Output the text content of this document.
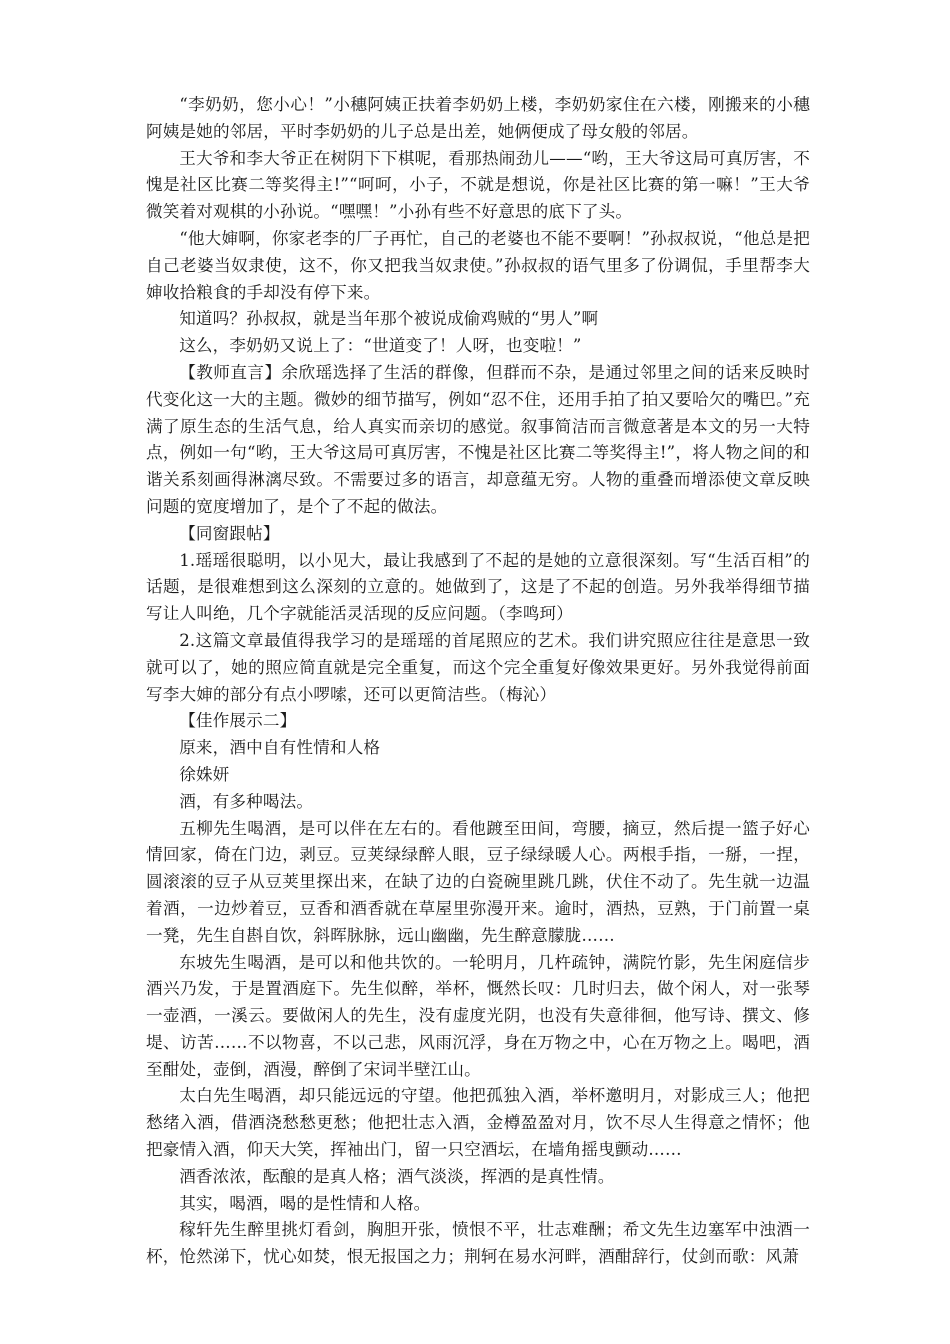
“李奶奶，您小心！”小穗阿姨正扶着李奶奶上楼，李奶奶家住在六楼，刚搬来的小穗阿姨是她的邻居，平时李奶奶的儿子总是出差，她俩便成了母女般的邻居。

王大爷和李大爷正在树阴下下棋呢，看那热闹劲儿——“哟，王大爷这局可真厉害，不愧是社区比赛二等奖得主!”“呵呵，小子，不就是想说，你是社区比赛的第一嘛！”王大爷微笑着对观棋的小孙说。“嘿嘿！”小孙有些不好意思的底下了头。

“他大婶啊，你家老李的厂子再忙，自己的老婆也不能不要啊！”孙叔叔说，“他总是把自己老婆当奴隶使，这不，你又把我当奴隶使。”孙叔叔的语气里多了份调侃，手里帮李大婶收拾粮食的手却没有停下来。

知道吗？孙叔叔，就是当年那个被说成偷鸡贼的“男人”啊

这么，李奶奶又说上了：“世道变了！人呀，也变啦！”

【教师直言】余欣瑶选择了生活的群像，但群而不杂，是通过邻里之间的话来反映时代变化这一大的主题。微妙的细节描写，例如“忍不住，还用手拍了拍又要哈欠的嘴巴。”充满了原生态的生活气息，给人真实而亲切的感觉。叙事简洁而言微意著是本文的另一大特点，例如一句“哟，王大爷这局可真厉害，不愧是社区比赛二等奖得主!”，将人物之间的和谐关系刻画得淋漓尽致。不需要过多的语言，却意蕴无穷。人物的重叠而增添使文章反映问题的宽度增加了，是个了不起的做法。

【同窗跟帖】

1.瑶瑶很聪明，以小见大，最让我感到了不起的是她的立意很深刻。写“生活百相”的话题，是很难想到这么深刻的立意的。她做到了，这是了不起的创造。另外我举得细节描写让人叫绝，几个字就能活灵活现的反应问题。（李鸣珂）

2.这篇文章最值得我学习的是瑶瑶的首尾照应的艺术。我们讲究照应往往是意思一致就可以了，她的照应简直就是完全重复，而这个完全重复好像效果更好。另外我觉得前面写李大婶的部分有点小啰嗦，还可以更简洁些。（梅沁）

【佳作展示二】

原来，酒中自有性情和人格

徐姝妍

酒，有多种喝法。

五柳先生喝酒，是可以伴在左右的。看他踱至田间，弯腰，摘豆，然后提一篮子好心情回家，倚在门边，剥豆。豆荚绿绿醉人眼，豆子绿绿暖人心。两根手指，一掰，一捏，圆滚滚的豆子从豆荚里探出来，在缺了边的白瓷碗里跳几跳，伏住不动了。先生就一边温着酒，一边炒着豆，豆香和酒香就在草屋里弥漫开来。逾时，酒热，豆熟，于门前置一桌一凳，先生自斟自饮，斜晖脉脉，远山幽幽，先生醉意朦胧……

东坡先生喝酒，是可以和他共饮的。一轮明月，几杵疏钟，满院竹影，先生闲庭信步酒兴乃发，于是置酒庭下。先生似醉，举杯，慨然长叹：几时归去，做个闲人，对一张琴一壶酒，一溪云。要做闲人的先生，没有虚度光阴，也没有失意徘徊，他写诗、撰文、修堤、访苦……不以物喜，不以己悲，风雨沉浮，身在万物之中，心在万物之上。喝吧，酒至酣处，壶倒，酒漫，醉倒了宋词半壁江山。

太白先生喝酒，却只能远远的守望。他把孤独入酒，举杯邀明月，对影成三人；他把愁绪入酒，借酒浇愁愁更愁；他把壮志入酒，金樽盈盈对月，饮不尽人生得意之情怀；他把豪情入酒，仰天大笑，挥袖出门，留一只空酒坛，在墙角摇曳颤动……

酒香浓浓，酝酿的是真人格；酒气淡淡，挥洒的是真性情。

其实，喝酒，喝的是性情和人格。

稼轩先生醉里挑灯看剑，胸胆开张，愤恨不平，壮志难酬；希文先生边塞军中浊酒一杯，怆然涕下，忧心如焚，恨无报国之力；荆轲在易水河畔，酒酣辞行，仗剑而歌：风萧
